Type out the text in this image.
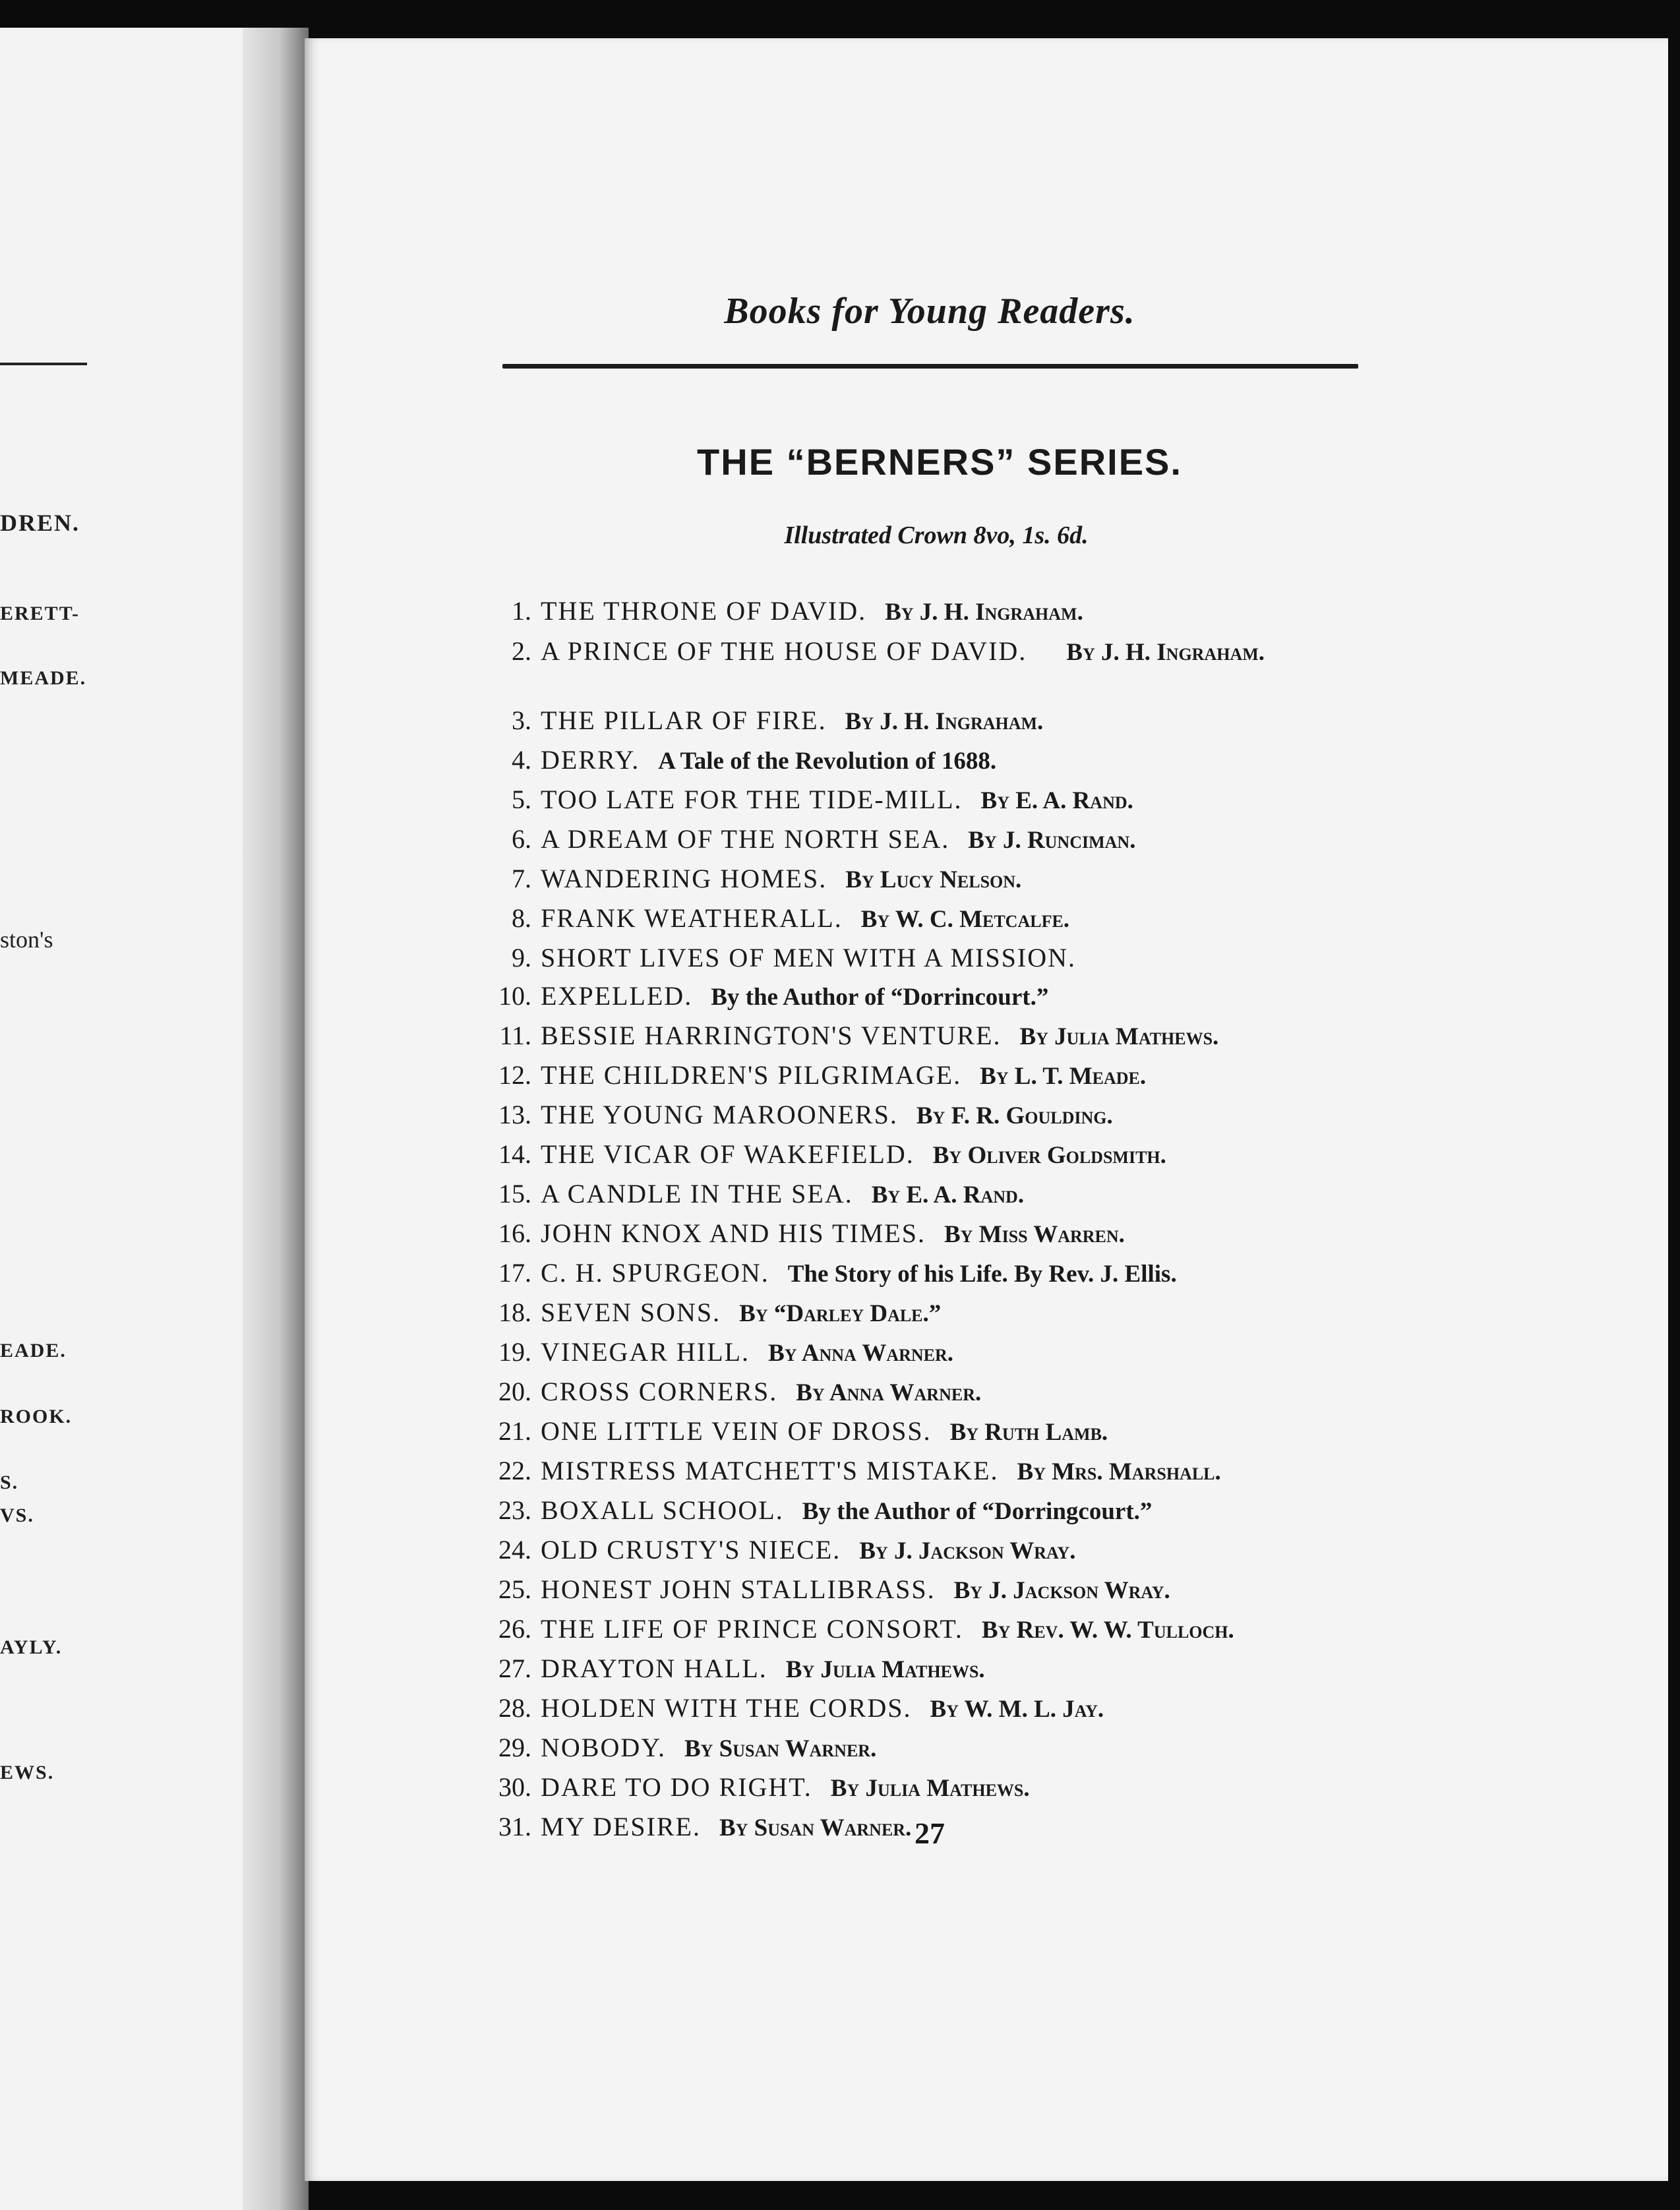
DREN.
ERETT-
MEADE.
ston's
EADE.
ROOK.
S.
VS.
AYLY.
EWS.
Books for Young Readers.
THE “BERNERS” SERIES.
Illustrated Crown 8vo, 1s. 6d.
1. THE THRONE OF DAVID. By J. H. Ingraham.
2. A PRINCE OF THE HOUSE OF DAVID. By J. H. Ingraham.
3. THE PILLAR OF FIRE. By J. H. Ingraham.
4. DERRY. A Tale of the Revolution of 1688.
5. TOO LATE FOR THE TIDE-MILL. By E. A. Rand.
6. A DREAM OF THE NORTH SEA. By J. Runciman.
7. WANDERING HOMES. By Lucy Nelson.
8. FRANK WEATHERALL. By W. C. Metcalfe.
9. SHORT LIVES OF MEN WITH A MISSION.
10. EXPELLED. By the Author of “Dorrincourt.”
11. BESSIE HARRINGTON'S VENTURE. By Julia Mathews.
12. THE CHILDREN'S PILGRIMAGE. By L. T. Meade.
13. THE YOUNG MAROONERS. By F. R. Goulding.
14. THE VICAR OF WAKEFIELD. By Oliver Goldsmith.
15. A CANDLE IN THE SEA. By E. A. Rand.
16. JOHN KNOX AND HIS TIMES. By Miss Warren.
17. C. H. SPURGEON. The Story of his Life. By Rev. J. Ellis.
18. SEVEN SONS. By “Darley Dale.”
19. VINEGAR HILL. By Anna Warner.
20. CROSS CORNERS. By Anna Warner.
21. ONE LITTLE VEIN OF DROSS. By Ruth Lamb.
22. MISTRESS MATCHETT'S MISTAKE. By Mrs. Marshall.
23. BOXALL SCHOOL. By the Author of “Dorringcourt.”
24. OLD CRUSTY'S NIECE. By J. Jackson Wray.
25. HONEST JOHN STALLIBRASS. By J. Jackson Wray.
26. THE LIFE OF PRINCE CONSORT. By Rev. W. W. Tulloch.
27. DRAYTON HALL. By Julia Mathews.
28. HOLDEN WITH THE CORDS. By W. M. L. Jay.
29. NOBODY. By Susan Warner.
30. DARE TO DO RIGHT. By Julia Mathews.
31. MY DESIRE. By Susan Warner. 27
